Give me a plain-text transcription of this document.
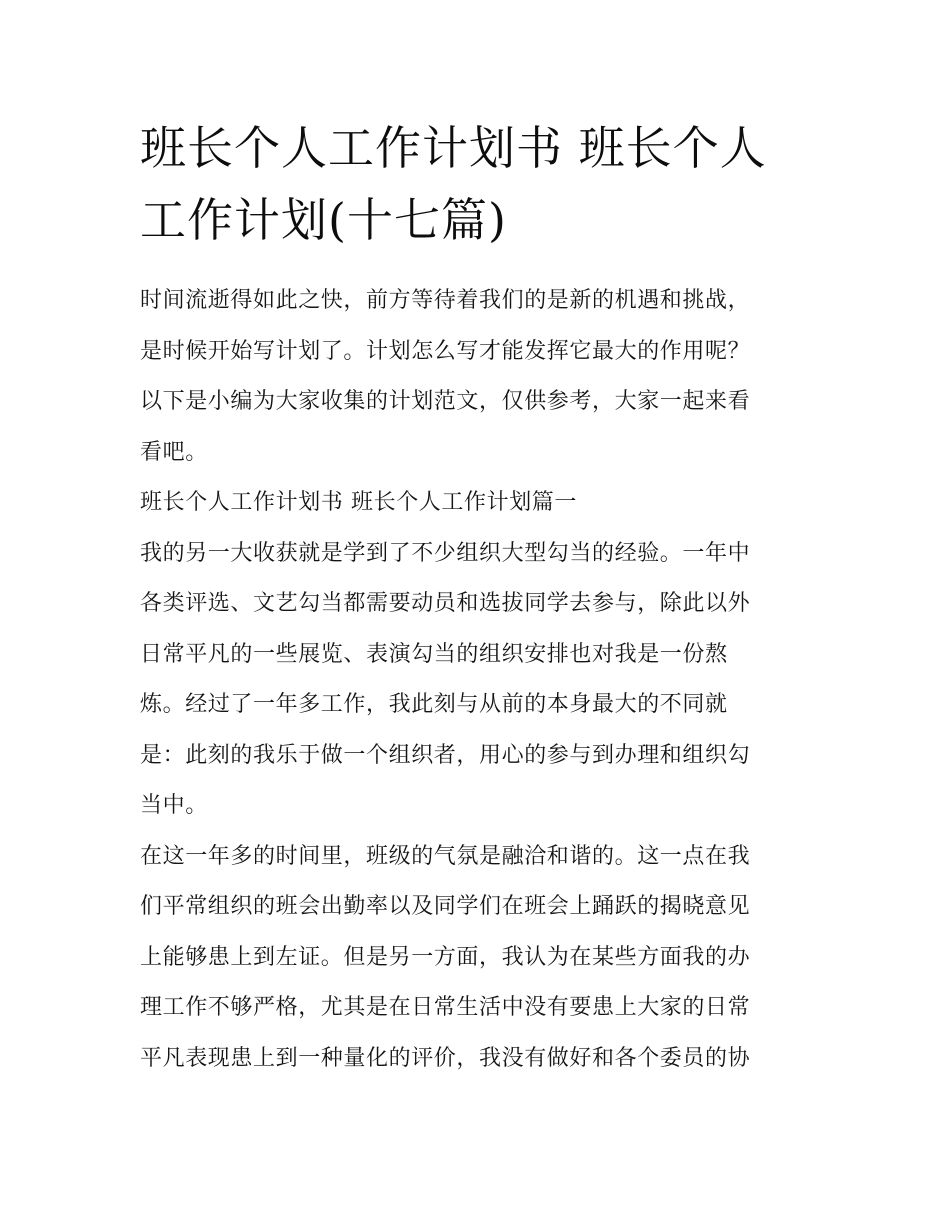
班长个人工作计划书 班长个人
工作计划(十七篇)

时间流逝得如此之快，前方等待着我们的是新的机遇和挑战，
是时候开始写计划了。计划怎么写才能发挥它最大的作用呢？
以下是小编为大家收集的计划范文，仅供参考，大家一起来看
看吧。

班长个人工作计划书 班长个人工作计划篇一

我的另一大收获就是学到了不少组织大型勾当的经验。一年中
各类评选、文艺勾当都需要动员和选拔同学去参与，除此以外
日常平凡的一些展览、表演勾当的组织安排也对我是一份熬
炼。经过了一年多工作，我此刻与从前的本身最大的不同就
是：此刻的我乐于做一个组织者，用心的参与到办理和组织勾
当中。

在这一年多的时间里，班级的气氛是融洽和谐的。这一点在我
们平常组织的班会出勤率以及同学们在班会上踊跃的揭晓意见
上能够患上到左证。但是另一方面，我认为在某些方面我的办
理工作不够严格，尤其是在日常生活中没有要患上大家的日常
平凡表现患上到一种量化的评价，我没有做好和各个委员的协
